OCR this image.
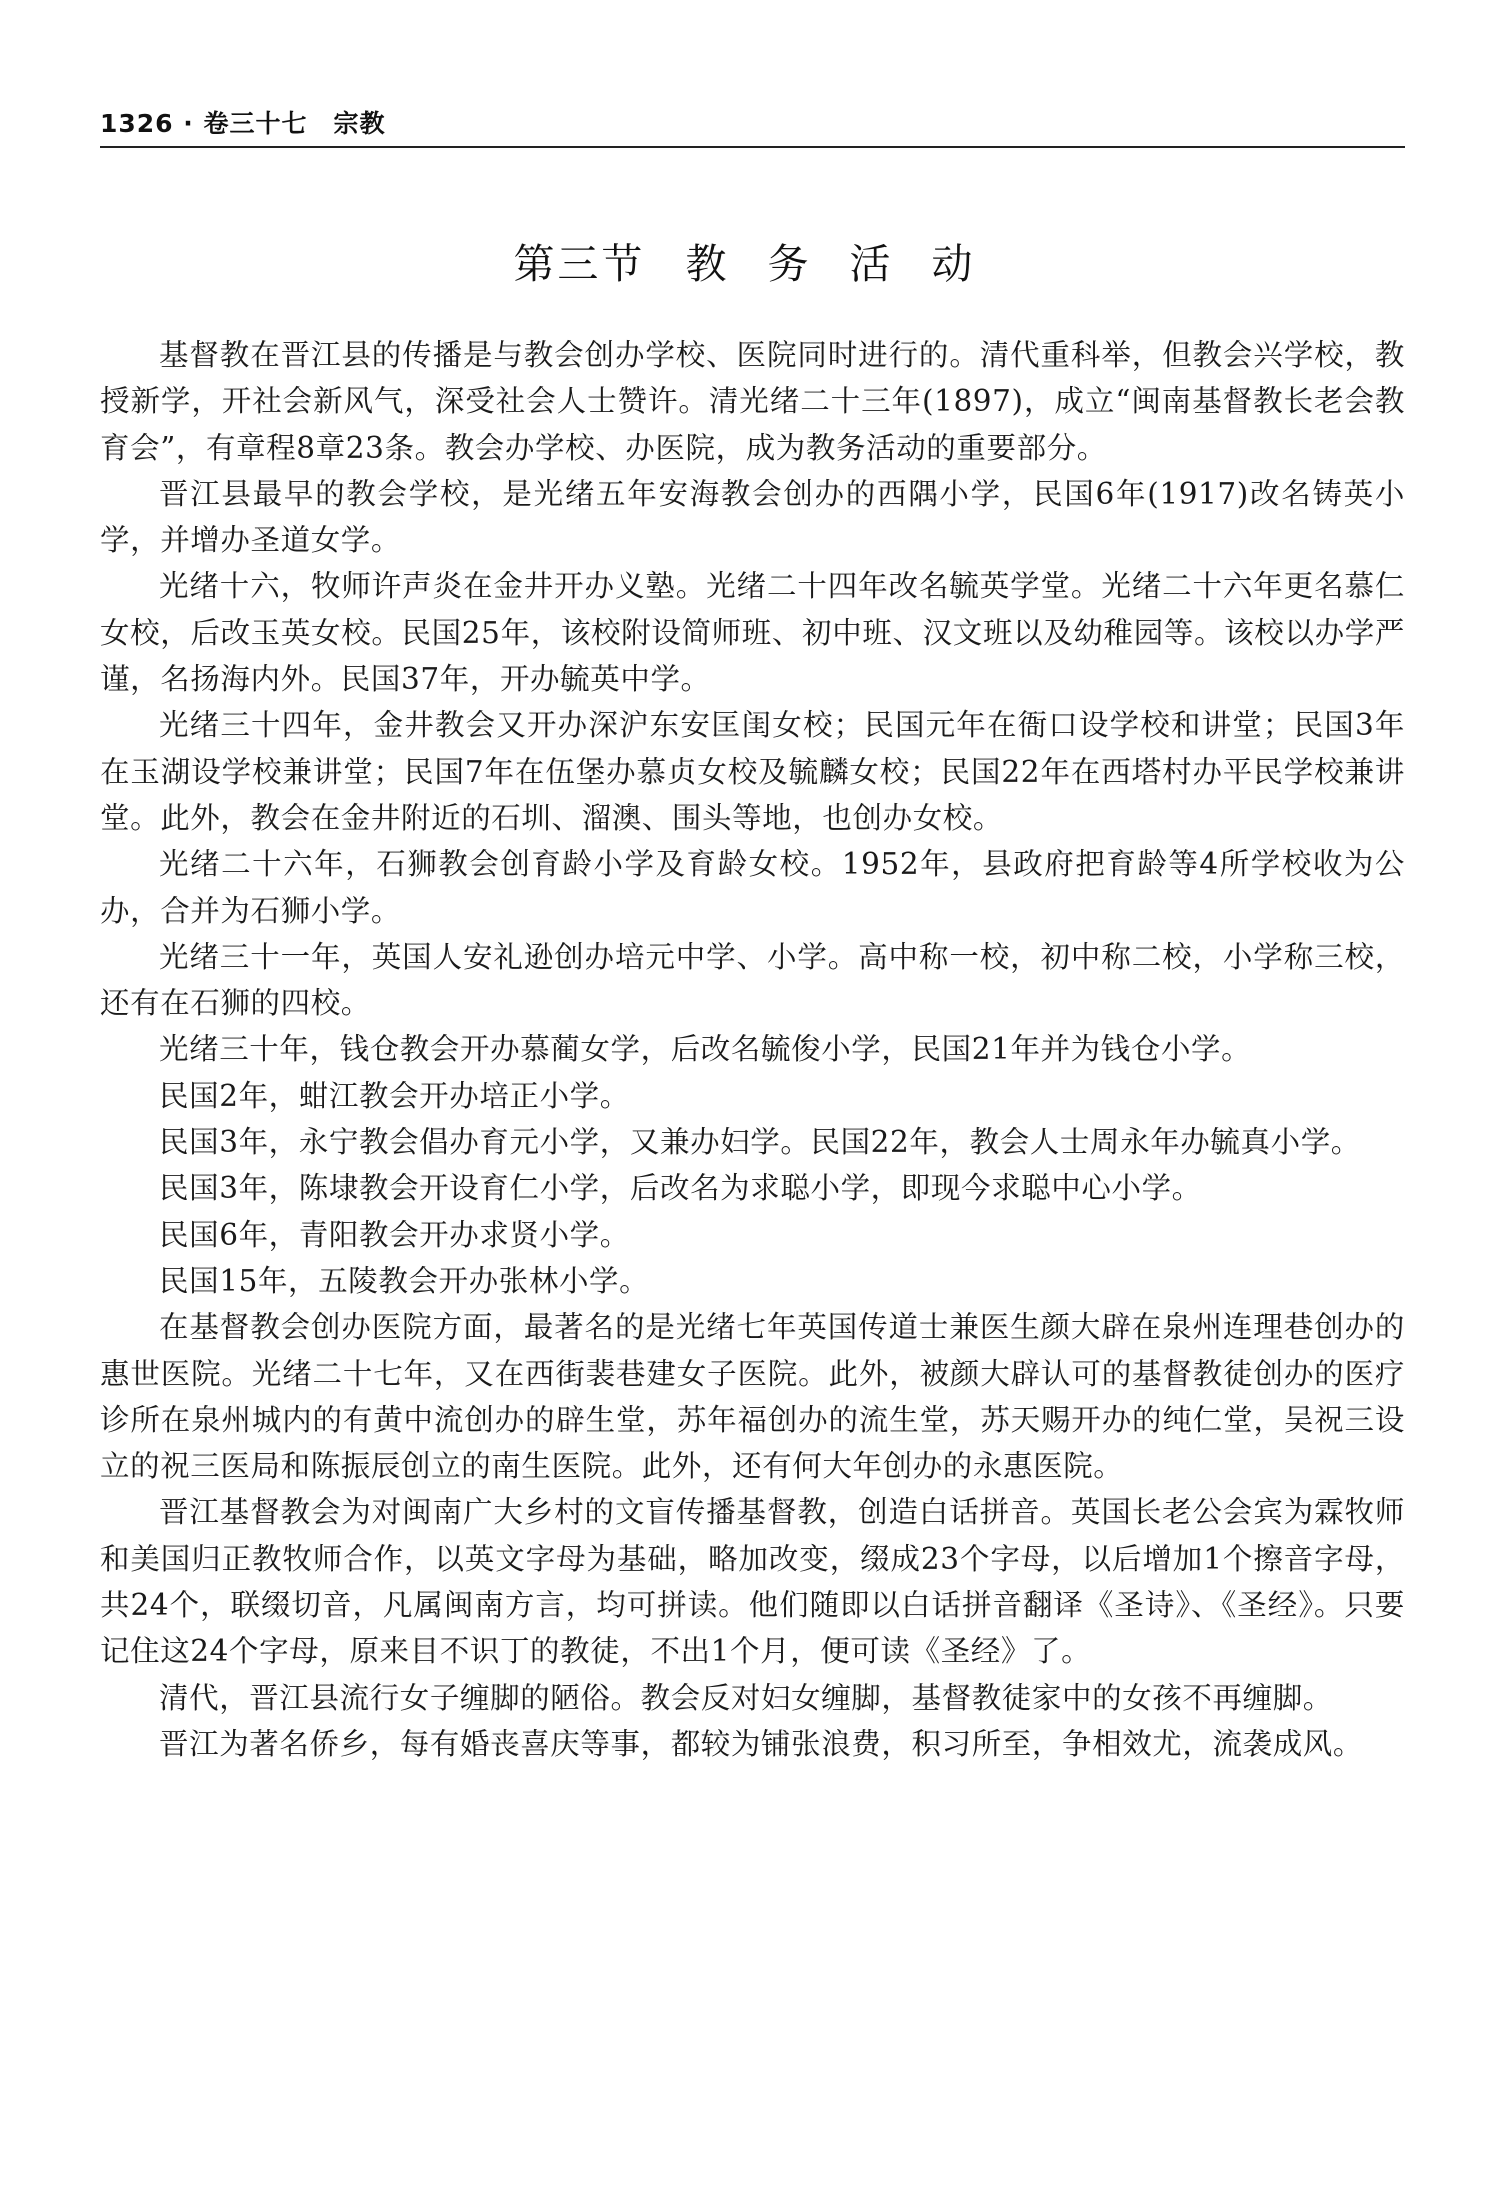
1326 · 卷三十七　宗教
第三节 教 务 活 动

基督教在晋江县的传播是与教会创办学校、医院同时进行的。清代重科举，但教会兴学校，教授新学，开社会新风气，深受社会人士赞许。清光绪二十三年(1897)，成立“闽南基督教长老会教育会”，有章程8章23条。教会办学校、办医院，成为教务活动的重要部分。

晋江县最早的教会学校，是光绪五年安海教会创办的西隅小学，民国6年(1917)改名铸英小学，并增办圣道女学。

光绪十六，牧师许声炎在金井开办义塾。光绪二十四年改名毓英学堂。光绪二十六年更名慕仁女校，后改玉英女校。民国25年，该校附设简师班、初中班、汉文班以及幼稚园等。该校以办学严谨，名扬海内外。民国37年，开办毓英中学。

光绪三十四年，金井教会又开办深沪东安匡闺女校；民国元年在衙口设学校和讲堂；民国3年在玉湖设学校兼讲堂；民国7年在伍堡办慕贞女校及毓麟女校；民国22年在西塔村办平民学校兼讲堂。此外，教会在金井附近的石圳、溜澳、围头等地，也创办女校。

光绪二十六年，石狮教会创育龄小学及育龄女校。1952年，县政府把育龄等4所学校收为公办，合并为石狮小学。

光绪三十一年，英国人安礼逊创办培元中学、小学。高中称一校，初中称二校，小学称三校，还有在石狮的四校。

光绪三十年，钱仓教会开办慕蔺女学，后改名毓俊小学，民国21年并为钱仓小学。

民国2年，蚶江教会开办培正小学。

民国3年，永宁教会倡办育元小学，又兼办妇学。民国22年，教会人士周永年办毓真小学。

民国3年，陈埭教会开设育仁小学，后改名为求聪小学，即现今求聪中心小学。

民国6年，青阳教会开办求贤小学。

民国15年，五陵教会开办张林小学。

在基督教会创办医院方面，最著名的是光绪七年英国传道士兼医生颜大辟在泉州连理巷创办的惠世医院。光绪二十七年，又在西街裴巷建女子医院。此外，被颜大辟认可的基督教徒创办的医疗诊所在泉州城内的有黄中流创办的辟生堂，苏年福创办的流生堂，苏天赐开办的纯仁堂，吴祝三设立的祝三医局和陈振辰创立的南生医院。此外，还有何大年创办的永惠医院。

晋江基督教会为对闽南广大乡村的文盲传播基督教，创造白话拼音。英国长老公会宾为霖牧师和美国归正教牧师合作，以英文字母为基础，略加改变，缀成23个字母，以后增加1个擦音字母，共24个，联缀切音，凡属闽南方言，均可拼读。他们随即以白话拼音翻译《圣诗》、《圣经》。只要记住这24个字母，原来目不识丁的教徒，不出1个月，便可读《圣经》了。

清代，晋江县流行女子缠脚的陋俗。教会反对妇女缠脚，基督教徒家中的女孩不再缠脚。

晋江为著名侨乡，每有婚丧喜庆等事，都较为铺张浪费，积习所至，争相效尤，流袭成风。
